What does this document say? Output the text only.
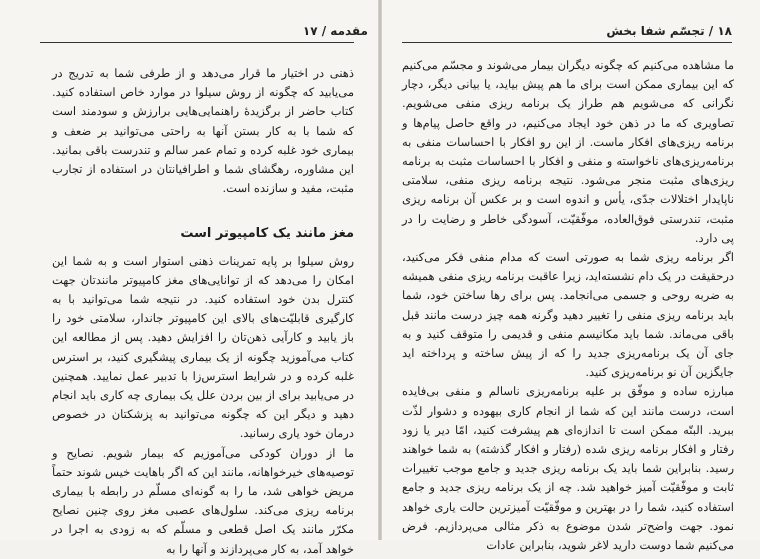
مقدمه / ۱۷

ذهنی در اختیار ما قرار می‌دهد و از طرفی شما به تدریج در می‌یابید که چگونه از روش سیلوا در موارد خاص استفاده کنید. کتاب حاضر از برگزیدهٔ راهنمایی‌هایی برارزش و سودمند است که شما با به کار بستن آنها به راحتی می‌توانید بر ضعف و بیماری خود غلبه کرده و تمام عمر سالم و تندرست باقی بمانید. این مشاوره، رهگشای شما و اطرافیانتان در استفاده از تجارب مثبت، مفید و سازنده است.

مغز مانند یک کامپیوتر است

روش سیلوا بر پایه تمرینات ذهنی استوار است و به شما این امکان را می‌دهد که از توانایی‌های مغز کامپیوتر مانندتان جهت کنترل بدن خود استفاده کنید. در نتیجه شما می‌توانید با به کارگیری قابلیّت‌های بالای این کامپیوتر جاندار، سلامتی خود را باز یابید و کارآیی ذهن‌تان را افزایش دهید. پس از مطالعه این کتاب می‌آموزید چگونه از یک بیماری پیشگیری کنید، بر استرس غلبه کرده و در شرایط استرس‌زا با تدبیر عمل نمایید. همچنین در می‌یابید برای از بین بردن علل یک بیماری چه کاری باید انجام دهید و دیگر این که چگونه می‌توانید به پزشکتان در خصوص درمان خود یاری رسانید.

ما از دوران کودکی می‌آموزیم که بیمار شویم. نصایح و توصیه‌های خیرخواهانه، مانند این که اگر باهایت خیس شوند حتماً مریض خواهی شد، ما را به گونه‌ای مسلّم در رابطه با بیماری برنامه ریزی می‌کند. سلول‌های عصبی مغز روی چنین نصایح مکرّر مانند یک اصل قطعی و مسلّم که به زودی به اجرا در خواهد آمد، به کار می‌پردازند و آنها را به

۱۸ / تجسّم شفا بخش

ما مشاهده می‌کنیم که چگونه دیگران بیمار می‌شوند و مجسّم می‌کنیم که این بیماری ممکن است برای ما هم پیش بیاید، یا بیانی دیگر، دچار نگرانی که می‌شویم هم طراز یک برنامه ریزی منفی می‌شویم. تصاویری که ما در ذهن خود ایجاد می‌کنیم، در واقع حاصل پیام‌ها و برنامه ریزی‌های افکار ماست. از این رو افکار با احساسات منفی به برنامه‌ریزی‌های ناخواسته و منفی و افکار با احساسات مثبت به برنامه ریزی‌های مثبت منجر می‌شود. نتیجه برنامه ریزی منفی، سلامتی ناپایدار اختلالات جدّی، یأس و اندوه است و بر عکس آن برنامه ریزی مثبت، تندرستی فوق‌العاده، موفّقیّت، آسودگی خاطر و رضایت را در پی دارد.

اگر برنامه ریزی شما به صورتی است که مدام منفی فکر می‌کنید، درحقیقت در یک دام نشسته‌اید، زیرا عاقبت برنامه ریزی منفی همیشه به ضربه روحی و جسمی می‌انجامد. پس برای رها ساختن خود، شما باید برنامه ریزی منفی را تغییر دهید وگرنه همه چیز درست مانند قبل باقی می‌ماند. شما باید مکانیسم منفی و قدیمی را متوقف کنید و به جای آن یک برنامه‌ریزی جدید را که از پیش ساخته و پرداخته اید جایگزین آن نو برنامه‌ریزی کنید.

مبارزه ساده و موفّق بر علیه برنامه‌ریزی ناسالم و منفی بی‌فایده است، درست مانند این که شما از انجام کاری بیهوده و دشوار لذّت ببرید. البتّه ممکن است تا اندازه‌ای هم پیشرفت کنید، امّا دیر یا زود رفتار و افکار برنامه ریزی شده (رفتار و افکار گذشته) به شما خواهند رسید. بنابراین شما باید یک برنامه ریزی جدید و جامع موجب تغییرات ثابت و موفّقیّت آمیز خواهید شد. چه از یک برنامه ریزی جدید و جامع استفاده کنید، شما را در بهترین و موفّقیّت آمیزترین حالت یاری خواهد نمود. جهت واضح‌تر شدن موضوع به ذکر مثالی می‌پردازیم. فرض می‌کنیم شما دوست دارید لاغر شوید، بنابراین عادات
